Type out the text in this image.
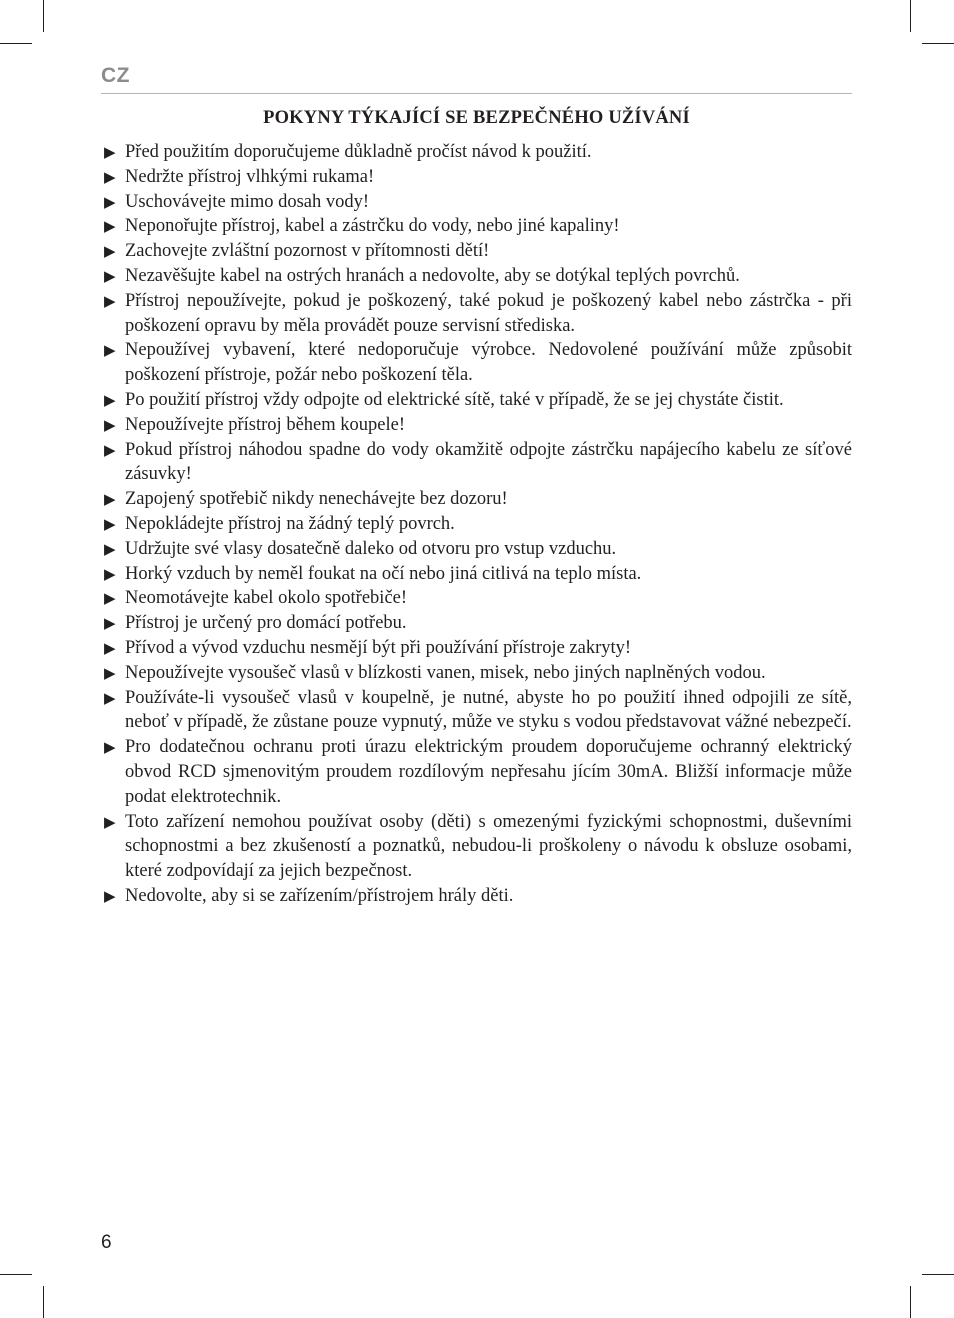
CZ
POKYNY TÝKAJÍCÍ SE BEZPEČNÉHO UŽÍVÁNÍ
▶ Před použitím doporučujeme důkladně pročíst návod k použití.
▶ Nedržte přístroj vlhkými rukama!
▶ Uschovávejte mimo dosah vody!
▶ Neponořujte přístroj, kabel a zástrčku do vody, nebo jiné kapaliny!
▶ Zachovejte zvláštní pozornost v přítomnosti dětí!
▶ Nezavěšujte kabel na ostrých hranách a nedovolte, aby se dotýkal teplých povrchů.
▶ Přístroj nepoužívejte, pokud je poškozený, také pokud je poškozený kabel nebo zástrčka - při poškození opravu by měla provádět pouze servisní střediska.
▶ Nepoužívej vybavení, které nedoporučuje výrobce. Nedovolené používání může způsobit poškození přístroje, požár nebo poškození těla.
▶ Po použití přístroj vždy odpojte od elektrické sítě, také v případě, že se jej chystáte čistit.
▶ Nepoužívejte přístroj během koupele!
▶ Pokud přístroj náhodou spadne do vody okamžitě odpojte zástrčku napájecího kabelu ze síťové zásuvky!
▶ Zapojený spotřebič nikdy nenechávejte bez dozoru!
▶ Nepokládejte přístroj na žádný teplý povrch.
▶ Udržujte své vlasy dosatečně daleko od otvoru pro vstup vzduchu.
▶ Horký vzduch by neměl foukat na očí nebo jiná citlivá na teplo místa.
▶ Neomotávejte kabel okolo spotřebiče!
▶ Přístroj je určený pro domácí potřebu.
▶ Přívod a vývod vzduchu nesmějí být při používání přístroje zakryty!
▶ Nepoužívejte vysoušeč vlasů v blízkosti vanen, misek, nebo jiných naplněných vodou.
▶ Používáte-li vysoušeč vlasů v koupelně, je nutné, abyste ho po použití ihned odpojili ze sítě, neboť v případě, že zůstane pouze vypnutý, může ve styku s vodou představovat vážné nebezpečí.
▶ Pro dodatečnou ochranu proti úrazu elektrickým proudem doporučujeme ochranný elektrický obvod RCD sjmenovitým proudem rozdílovým nepřesahu jícím 30mA. Bližší informacje může podat elektrotechnik.
▶ Toto zařízení nemohou používat osoby (děti) s omezenými fyzickými schopnostmi, duševními schopnostmi a bez zkušeností a poznatků, nebudou-li proškoleny o návodu k obsluze osobami, které zodpovídají za jejich bezpečnost.
▶ Nedovolte, aby si se zařízením/přístrojem hrály děti.
6
